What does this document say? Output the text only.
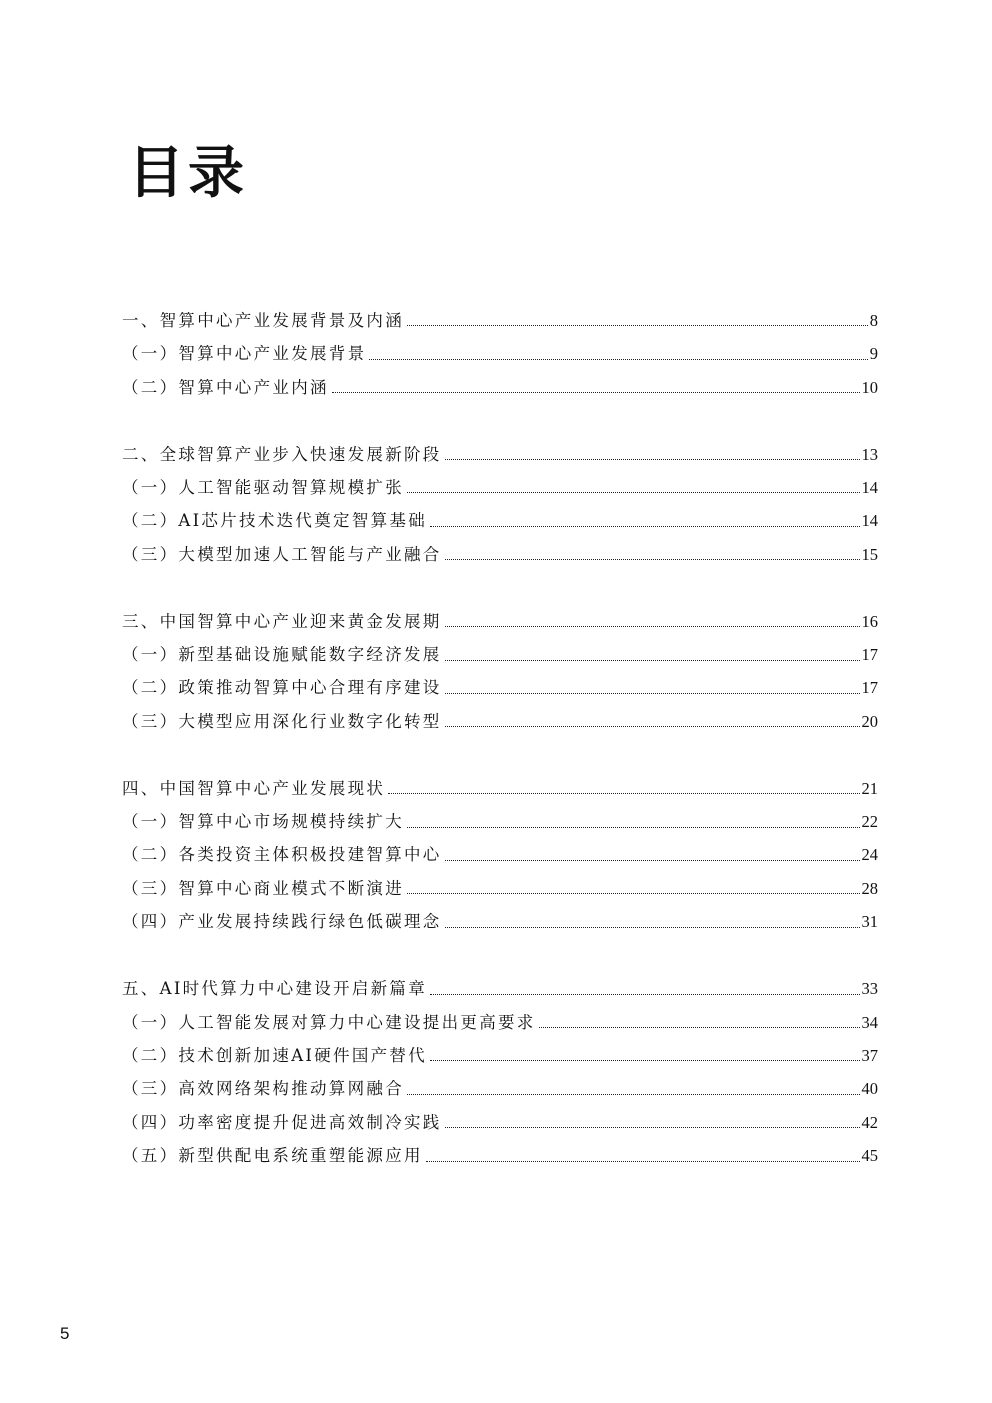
目录
一、智算中心产业发展背景及内涵	8
（一）智算中心产业发展背景	9
（二）智算中心产业内涵	10
二、全球智算产业步入快速发展新阶段	13
（一）人工智能驱动智算规模扩张	14
（二）AI芯片技术迭代奠定智算基础	14
（三）大模型加速人工智能与产业融合	15
三、中国智算中心产业迎来黄金发展期	16
（一）新型基础设施赋能数字经济发展	17
（二）政策推动智算中心合理有序建设	17
（三）大模型应用深化行业数字化转型	20
四、中国智算中心产业发展现状	21
（一）智算中心市场规模持续扩大	22
（二）各类投资主体积极投建智算中心	24
（三）智算中心商业模式不断演进	28
（四）产业发展持续践行绿色低碳理念	31
五、AI时代算力中心建设开启新篇章	33
（一）人工智能发展对算力中心建设提出更高要求	34
（二）技术创新加速AI硬件国产替代	37
（三）高效网络架构推动算网融合	40
（四）功率密度提升促进高效制冷实践	42
（五）新型供配电系统重塑能源应用	45
5
